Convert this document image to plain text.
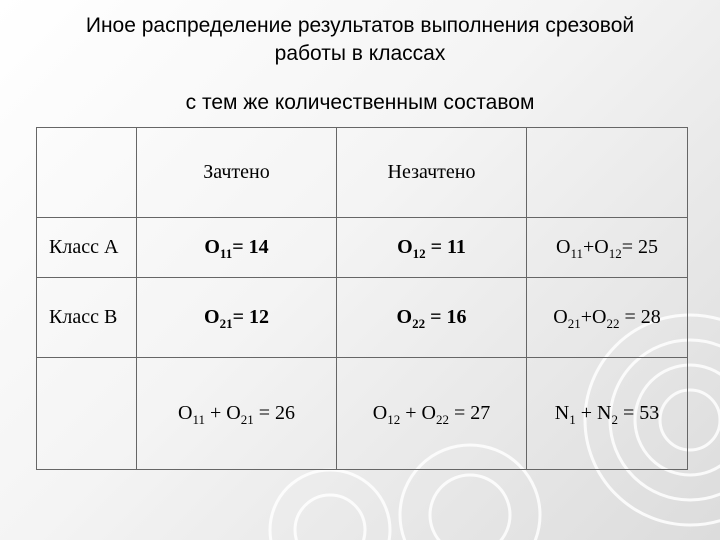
Иное распределение результатов выполнения срезовой
работы в классах
с тем же количественным составом
	Зачтено	Незачтено	
Класс А	$O_{11}= 14$	$O_{12} = 11$	$O_{11}+O_{12}= 25$
Класс В	$O_{21}= 12$	$O_{22} = 16$	$O_{21}+O_{22} = 28$
	$O_{11} + O_{21} = 26$	$O_{12} + O_{22} = 27$	$N_1 + N_2 = 53$
